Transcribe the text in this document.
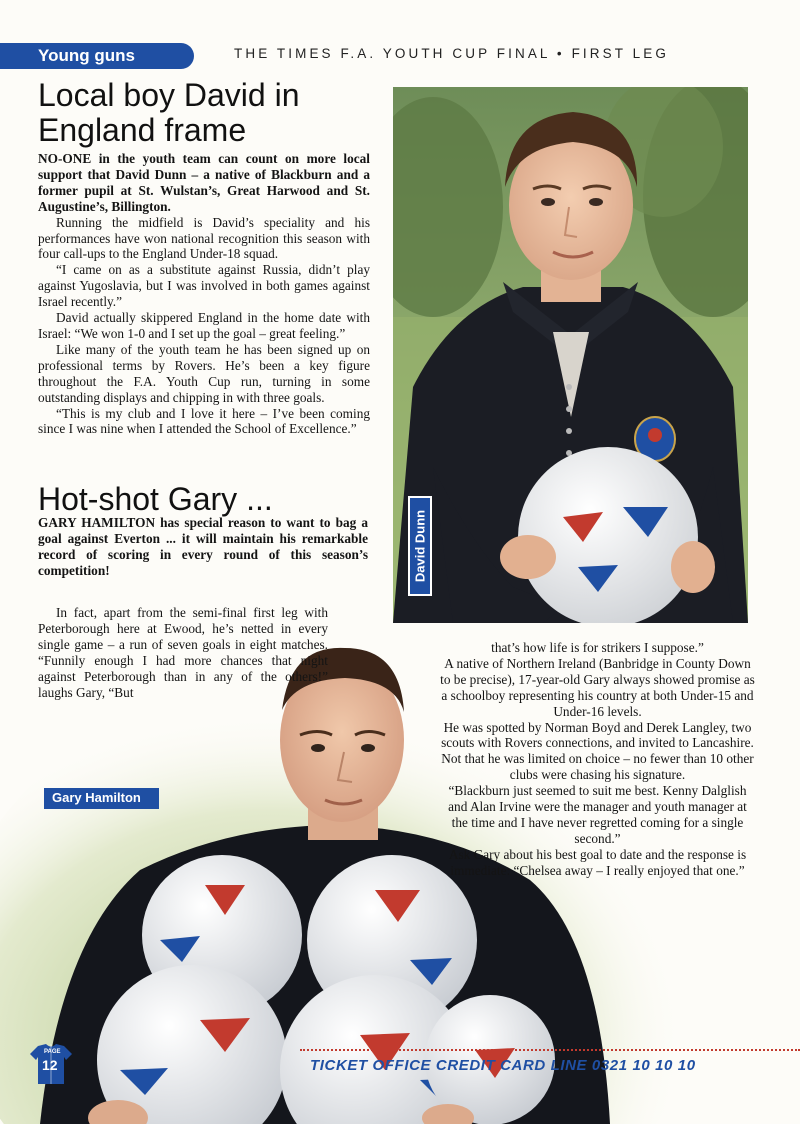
Young guns	THE TIMES F.A. YOUTH CUP FINAL • FIRST LEG
David Dunn
Local boy David in England frame

NO-ONE in the youth team can count on more local support that David Dunn – a native of Blackburn and a former pupil at St. Wulstan’s, Great Harwood and St. Augustine’s, Billington.

Running the midfield is David’s speciality and his performances have won national recognition this season with four call-ups to the England Under-18 squad.

“I came on as a substitute against Russia, didn’t play against Yugoslavia, but I was involved in both games against Israel recently.”

David actually skippered England in the home date with Israel: “We won 1-0 and I set up the goal – great feeling.”

Like many of the youth team he has been signed up on professional terms by Rovers. He’s been a key figure throughout the F.A. Youth Cup run, turning in some outstanding displays and chipping in with three goals.

“This is my club and I love it here – I’ve been coming since I was nine when I attended the School of Excellence.”

Hot-shot Gary ...

GARY HAMILTON has special reason to want to bag a goal against Everton ... it will maintain his remarkable record of scoring in every round of this season’s competition!

In fact, apart from the semi-final first leg with Peterborough here at Ewood, he’s netted in every single game – a run of seven goals in eight matches. “Funnily enough I had more chances that night against Peterborough than in any of the others!” laughs Gary, “But

that’s how life is for strikers I suppose.”

A native of Northern Ireland (Banbridge in County Down to be precise), 17-year-old Gary always showed promise as a schoolboy representing his country at both Under-15 and Under-16 levels.

He was spotted by Norman Boyd and Derek Langley, two scouts with Rovers connections, and invited to Lancashire. Not that he was limited on choice – no fewer than 10 other clubs were chasing his signature.

“Blackburn just seemed to suit me best. Kenny Dalglish and Alan Irvine were the manager and youth manager at the time and I have never regretted coming for a single second.”

Ask Gary about his best goal to date and the response is immediate: “Chelsea away – I really enjoyed that one.”

Gary Hamilton
TICKET OFFICE CREDIT CARD LINE 0321 10 10 10
PAGE
12
